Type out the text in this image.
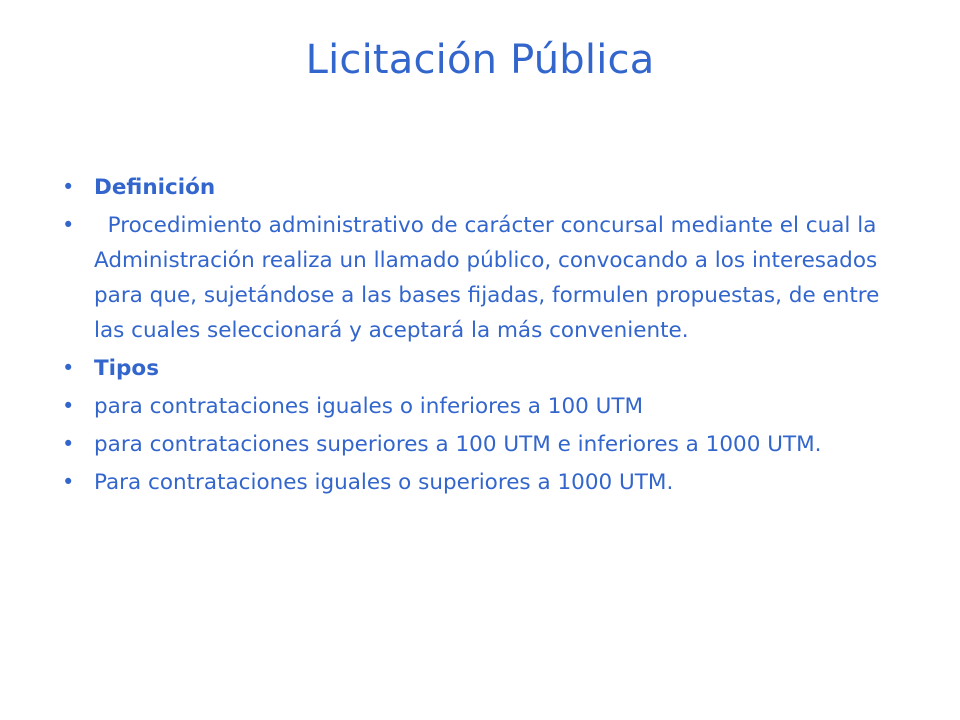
Licitación Pública
• Definición
•	Procedimiento administrativo de carácter concursal mediante el cual la Administración realiza un llamado público, convocando a los interesados para que, sujetándose a las bases fijadas, formulen propuestas, de entre las cuales seleccionará y aceptará la más conveniente.
• Tipos
• para contrataciones iguales o inferiores a 100 UTM
• para contrataciones superiores a 100 UTM e inferiores a 1000 UTM.
• Para contrataciones iguales o superiores a 1000 UTM.
